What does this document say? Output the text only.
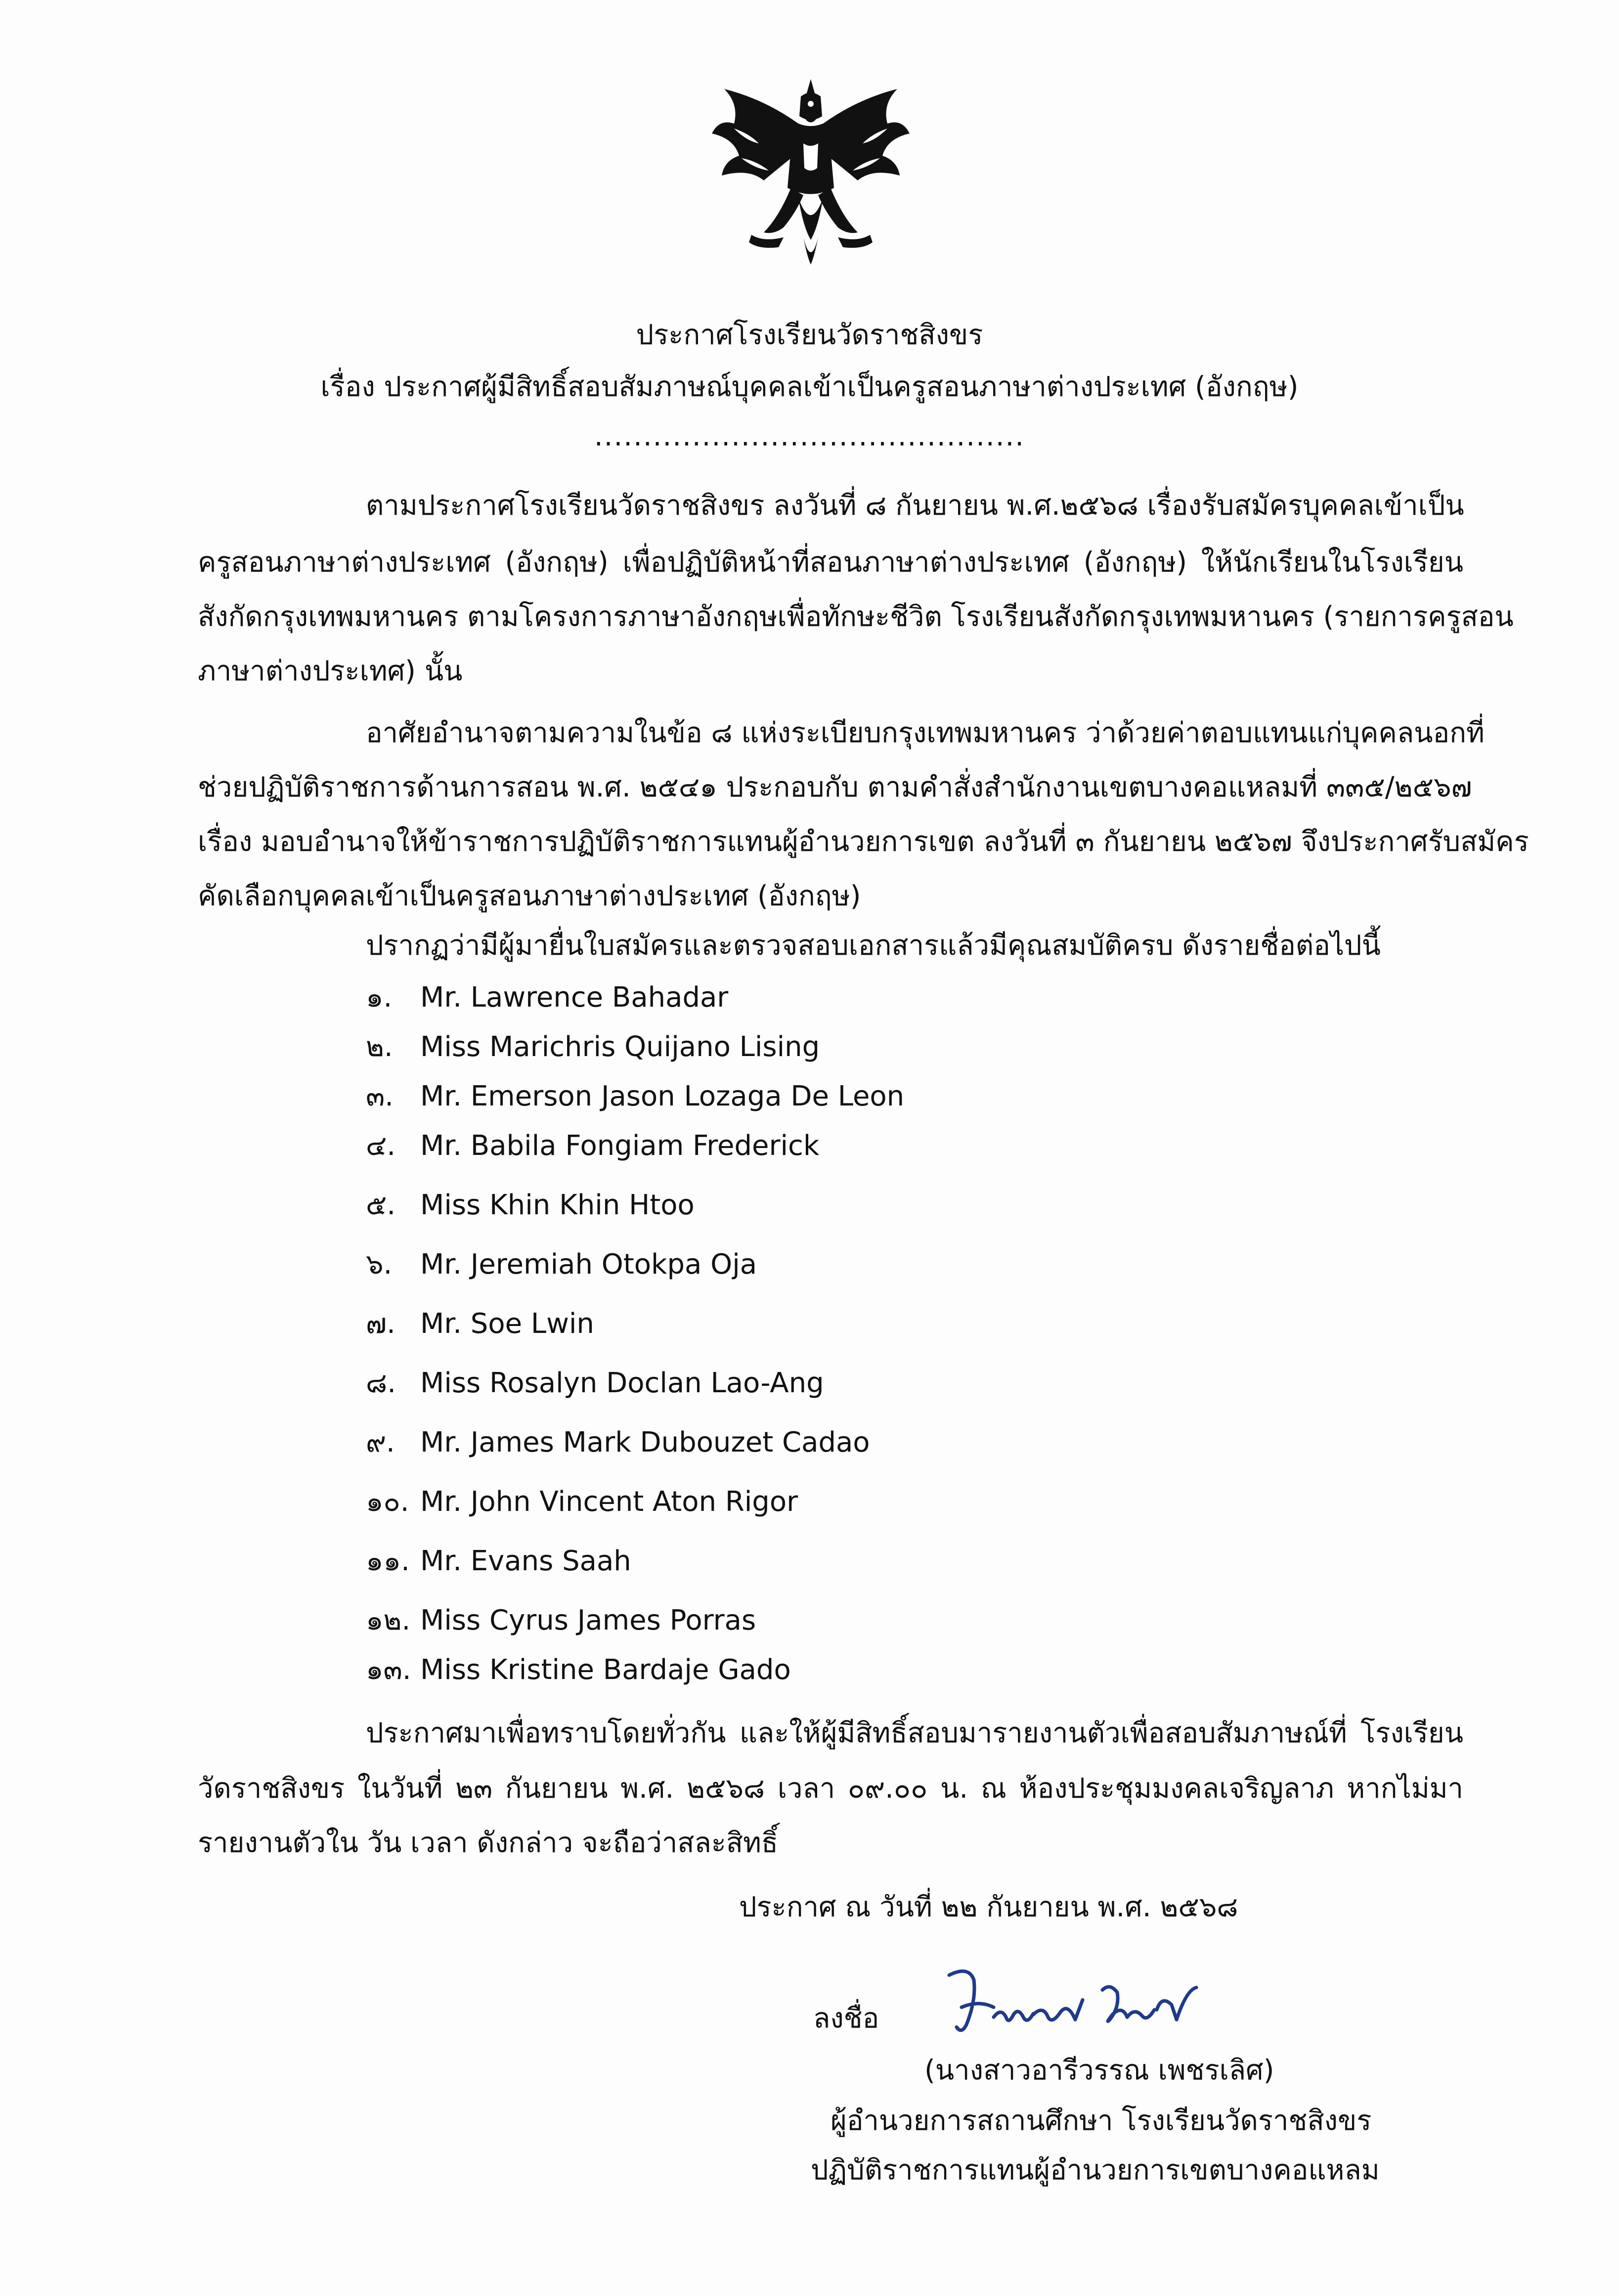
ประกาศโรงเรียนวัดราชสิงขร
เรื่อง ประกาศผู้มีสิทธิ์สอบสัมภาษณ์บุคคลเข้าเป็นครูสอนภาษาต่างประเทศ (อังกฤษ)
............................................
ตามประกาศโรงเรียนวัดราชสิงขร ลงวันที่ ๘ กันยายน พ.ศ.๒๕๖๘ เรื่องรับสมัครบุคคลเข้าเป็น
ครูสอนภาษาต่างประเทศ (อังกฤษ) เพื่อปฏิบัติหน้าที่สอนภาษาต่างประเทศ (อังกฤษ) ให้นักเรียนในโรงเรียน
สังกัดกรุงเทพมหานคร ตามโครงการภาษาอังกฤษเพื่อทักษะชีวิต โรงเรียนสังกัดกรุงเทพมหานคร (รายการครูสอน
ภาษาต่างประเทศ) นั้น
อาศัยอำนาจตามความในข้อ ๘ แห่งระเบียบกรุงเทพมหานคร ว่าด้วยค่าตอบแทนแก่บุคคลนอกที่
ช่วยปฏิบัติราชการด้านการสอน พ.ศ. ๒๕๔๑ ประกอบกับ ตามคำสั่งสำนักงานเขตบางคอแหลมที่ ๓๓๕/๒๕๖๗
เรื่อง มอบอำนาจให้ข้าราชการปฏิบัติราชการแทนผู้อำนวยการเขต ลงวันที่ ๓ กันยายน ๒๕๖๗ จึงประกาศรับสมัคร
คัดเลือกบุคคลเข้าเป็นครูสอนภาษาต่างประเทศ (อังกฤษ)
ปรากฏว่ามีผู้มายื่นใบสมัครและตรวจสอบเอกสารแล้วมีคุณสมบัติครบ ดังรายชื่อต่อไปนี้
๑. Mr. Lawrence Bahadar
๒. Miss Marichris Quijano Lising
๓. Mr. Emerson Jason Lozaga De Leon
๔. Mr. Babila Fongiam Frederick
๕. Miss Khin Khin Htoo
๖. Mr. Jeremiah Otokpa Oja
๗. Mr. Soe Lwin
๘. Miss Rosalyn Doclan Lao-Ang
๙. Mr. James Mark Dubouzet Cadao
๑๐. Mr. John Vincent Aton Rigor
๑๑. Mr. Evans Saah
๑๒. Miss Cyrus James Porras
๑๓. Miss Kristine Bardaje Gado
ประกาศมาเพื่อทราบโดยทั่วกัน และให้ผู้มีสิทธิ์สอบมารายงานตัวเพื่อสอบสัมภาษณ์ที่ โรงเรียน
วัดราชสิงขร ในวันที่ ๒๓ กันยายน พ.ศ. ๒๕๖๘ เวลา ๐๙.๐๐ น. ณ ห้องประชุมมงคลเจริญลาภ หากไม่มา
รายงานตัวใน วัน เวลา ดังกล่าว จะถือว่าสละสิทธิ์
ประกาศ ณ วันที่ ๒๒ กันยายน พ.ศ. ๒๕๖๘
ลงชื่อ
(นางสาวอารีวรรณ เพชรเลิศ)
ผู้อำนวยการสถานศึกษา โรงเรียนวัดราชสิงขร
ปฏิบัติราชการแทนผู้อำนวยการเขตบางคอแหลม
